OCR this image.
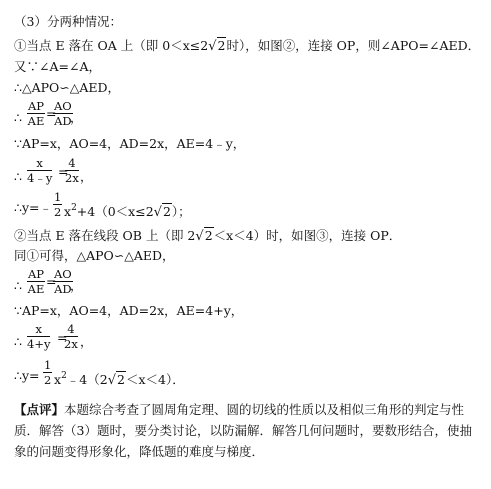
（3）分两种情况：
①当点 E 落在 OA 上（即 0＜x≤2√2时），如图②，连接 OP，则∠APO=∠AED．
又∵∠A=∠A，
∴△APO∽△AED，
∴ $\frac{AP}{AE}$ =
$\frac{AO}{AD}$
，
∵AP=x，AO=4，AD=2x，AE=4﹣y，
∴ $\frac{x}{4﹣y}$ =
$\frac{4}{2x}$ ，
∴y=﹣ $\frac{1}{2} x^2+4(0<x\le 2√2)$；
②当点 E 落在线段 OB 上（即 2√2＜x＜4）时，如图③，连接 OP．
同①可得，△APO∽△AED，
∴ $\frac{AP}{AE}$ =
$\frac{AO}{AD}$
，
∵AP=x，AO=4，AD=2x，AE=4+y，
∴ $\frac{x}{4+y}$ =
$\frac{4}{2x}$ ，
∴y= $\frac{1}{2}$ $x^2﹣4(2√2<x<4)$．
【点评】本题综合考查了圆周角定理、圆的切线的性质以及相似三角形的判定与性质．解答（3）题时，要分类讨论，以防漏解．解答几何问题时，要数形结合，使抽象的问题变得形象化，降低题的难度与梯度．
